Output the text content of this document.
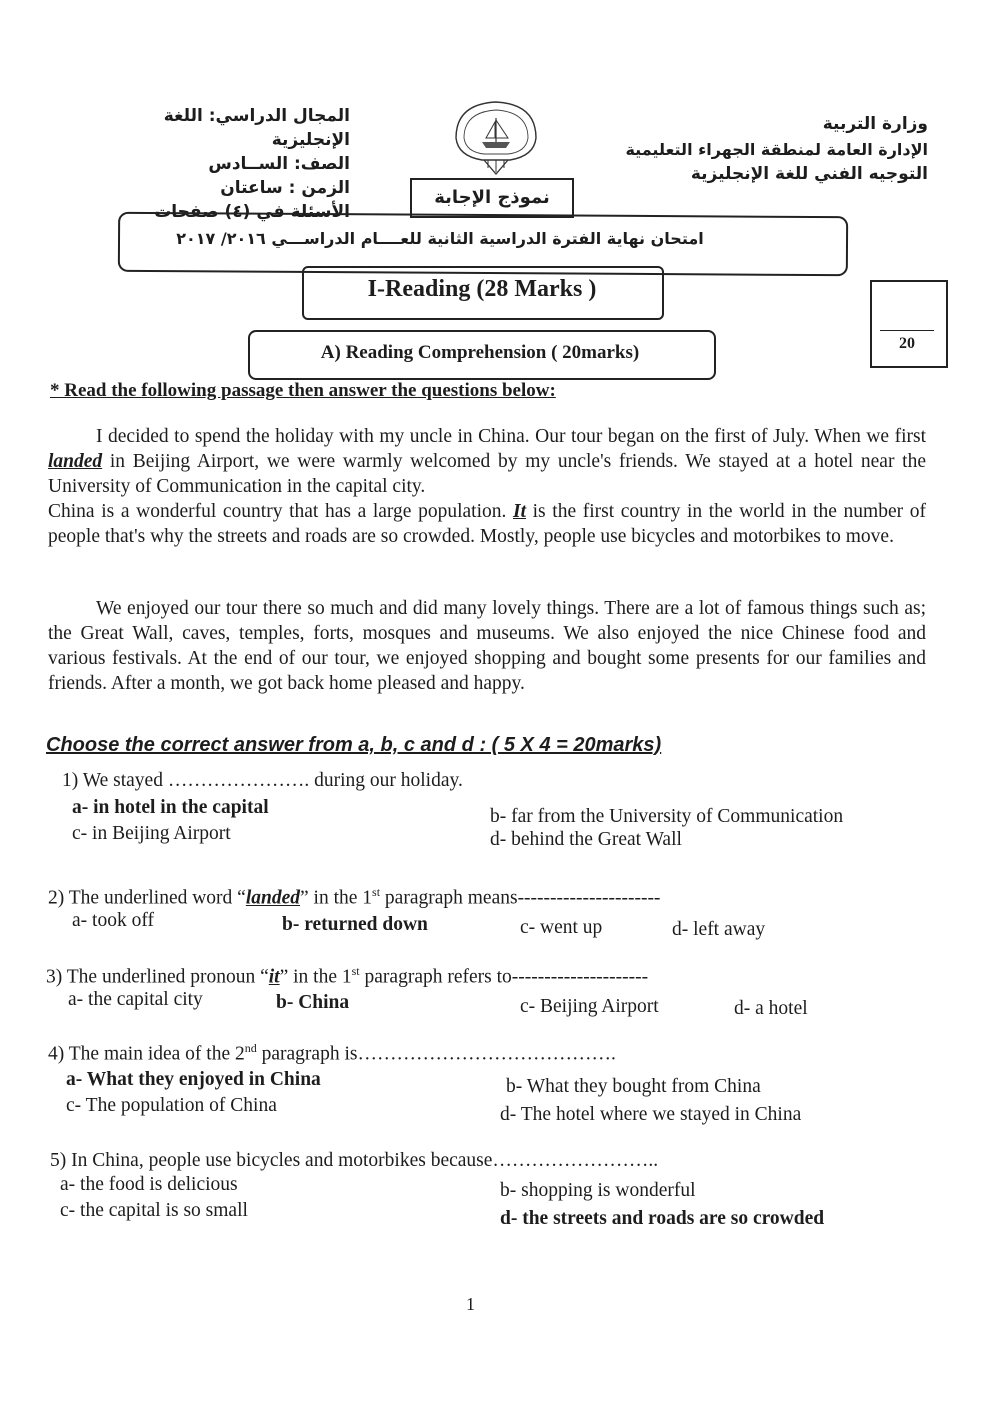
وزارة التربية
الإدارة العامة لمنطقة الجهراء التعليمية
التوجيه الفني للغة الإنجليزية
المجال الدراسي: اللغة الإنجليزية
الصف: الســادس
الزمن : ساعتان
الأسئلة في (٤) صفحات
نموذج الإجابة
امتحان نهاية الفترة الدراسية الثانية للعــــام الدراســـي ٢٠١٦/ ٢٠١٧
I-Reading (28 Marks )
20
A) Reading Comprehension ( 20marks)
* Read the following passage then answer the questions below:

I decided to spend the holiday with my uncle in China. Our tour began on the first of July. When we first landed in Beijing Airport, we were warmly welcomed by my uncle's friends. We stayed at a hotel near the University of Communication in the capital city.
China is a wonderful country that has a large population. It is the first country in the world in the number of people that's why the streets and roads are so crowded. Mostly, people use bicycles and motorbikes to move.

We enjoyed our tour there so much and did many lovely things. There are a lot of famous things such as; the Great Wall, caves, temples, forts, mosques and museums. We also enjoyed the nice Chinese food and various festivals. At the end of our tour, we enjoyed shopping and bought some presents for our families and friends. After a month, we got back home pleased and happy.

Choose the correct answer from a, b, c and d : ( 5 X 4 = 20marks)
1) We stayed …………………. during our holiday.
a- in hotel in the capital	b- far from the University of Communication
c- in Beijing Airport	d- behind the Great Wall
2) The underlined word “landed” in the 1st paragraph means----------------------
a- took off	b- returned down	c- went up	d- left away
3) The underlined pronoun “it” in the 1st paragraph refers to---------------------
a- the capital city	b- China	c- Beijing Airport	d- a hotel
4) The main idea of the 2nd paragraph is………………………………….
a- What they enjoyed in China	b- What they bought from China
c- The population of China	d- The hotel where we stayed in China
5) In China, people use bicycles and motorbikes because……………………..
a- the food is delicious	b- shopping is wonderful
c- the capital is so small	d- the streets and roads are so crowded
1
